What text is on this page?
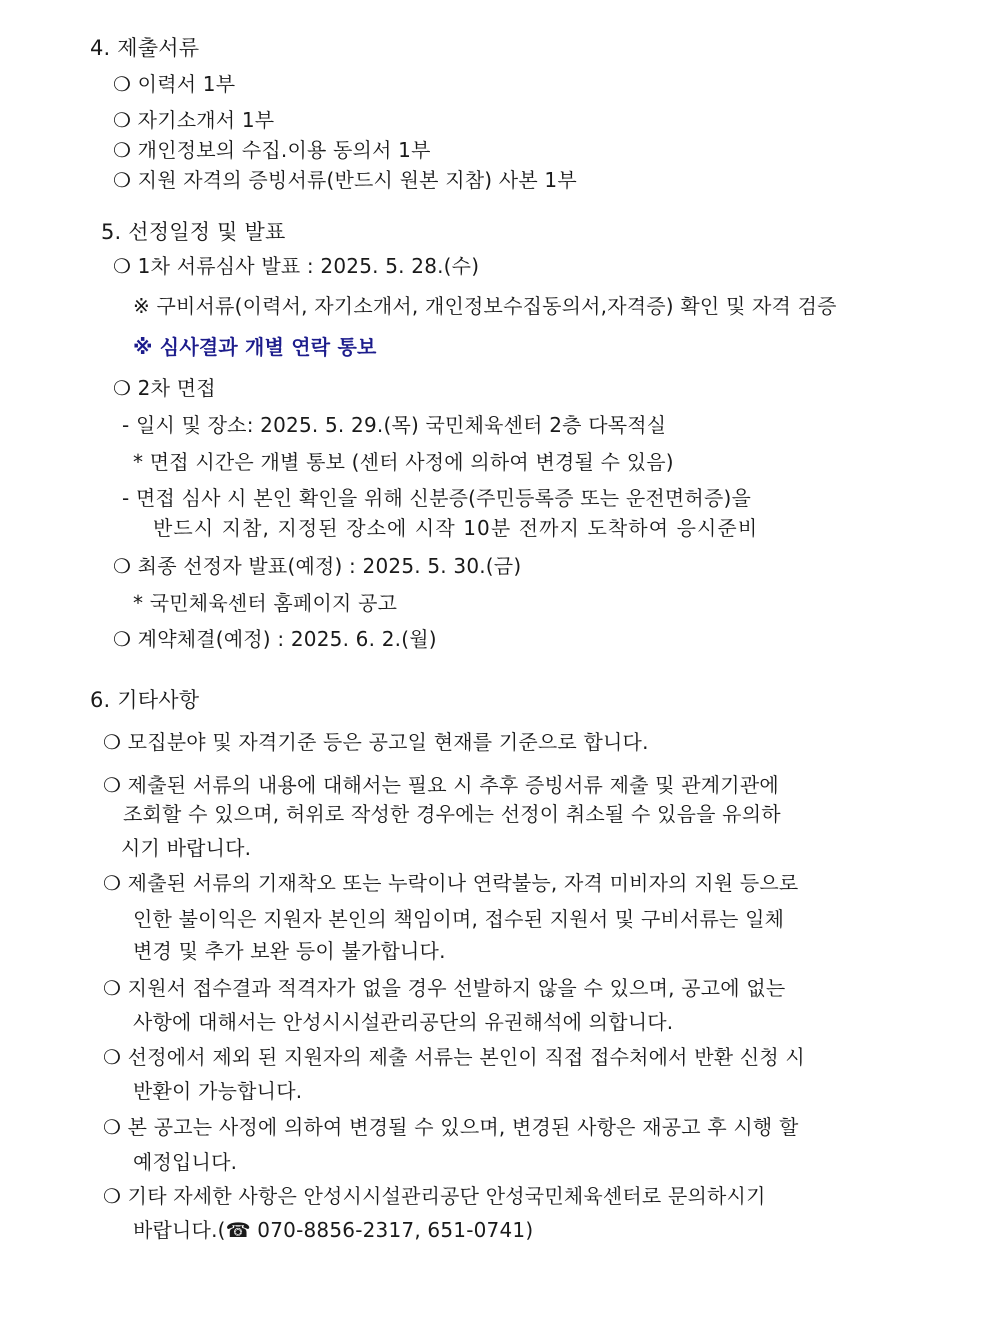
4. 제출서류
❍ 이력서 1부
❍ 자기소개서 1부
❍ 개인정보의 수집.이용 동의서 1부
❍ 지원 자격의 증빙서류(반드시 원본 지참) 사본 1부
5. 선정일정 및 발표
❍ 1차 서류심사 발표 : 2025. 5. 28.(수)
※ 구비서류(이력서, 자기소개서, 개인정보수집동의서,자격증) 확인 및 자격 검증
※ 심사결과 개별 연락 통보
❍ 2차 면접
- 일시 및 장소: 2025. 5. 29.(목) 국민체육센터 2층 다목적실
* 면접 시간은 개별 통보 (센터 사정에 의하여 변경될 수 있음)
- 면접 심사 시 본인 확인을 위해 신분증(주민등록증 또는 운전면허증)을
반드시 지참, 지정된 장소에 시작 10분 전까지 도착하여 응시준비
❍ 최종 선정자 발표(예정) : 2025. 5. 30.(금)
* 국민체육센터 홈페이지 공고
❍ 계약체결(예정) : 2025. 6. 2.(월)
6. 기타사항
❍ 모집분야 및 자격기준 등은 공고일 현재를 기준으로 합니다.
❍ 제출된 서류의 내용에 대해서는 필요 시 추후 증빙서류 제출 및 관계기관에
조회할 수 있으며, 허위로 작성한 경우에는 선정이 취소될 수 있음을 유의하
시기 바랍니다.
❍ 제출된 서류의 기재착오 또는 누락이나 연락불능, 자격 미비자의 지원 등으로
인한 불이익은 지원자 본인의 책임이며, 접수된 지원서 및 구비서류는 일체
변경 및 추가 보완 등이 불가합니다.
❍ 지원서 접수결과 적격자가 없을 경우 선발하지 않을 수 있으며, 공고에 없는
사항에 대해서는 안성시시설관리공단의 유권해석에 의합니다.
❍ 선정에서 제외 된 지원자의 제출 서류는 본인이 직접 접수처에서 반환 신청 시
반환이 가능합니다.
❍ 본 공고는 사정에 의하여 변경될 수 있으며, 변경된 사항은 재공고 후 시행 할
예정입니다.
❍ 기타 자세한 사항은 안성시시설관리공단 안성국민체육센터로 문의하시기
바랍니다.(☎ 070-8856-2317, 651-0741)
